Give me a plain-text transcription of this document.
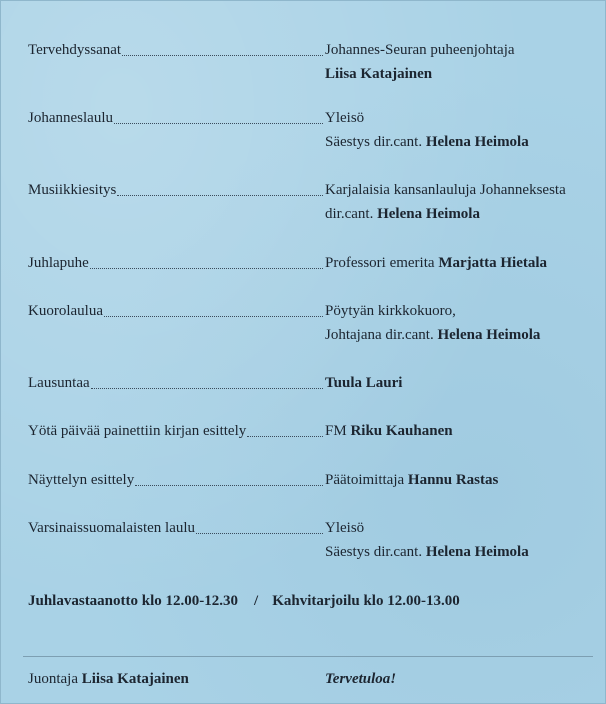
Tervehdyssanat	Johannes-Seuran puheenjohtaja
Liisa Katajainen
Johanneslaulu	Yleisö
Säestys dir.cant. Helena Heimola
Musiikkiesitys	Karjalaisia kansanlauluja Johanneksesta
dir.cant. Helena Heimola
Juhlapuhe	Professori emerita Marjatta Hietala
Kuorolaulua	Pöytyän kirkkokuoro,
Johtajana dir.cant. Helena Heimola
Lausuntaa	Tuula Lauri
Yötä päivää painettiin kirjan esittely	FM Riku Kauhanen
Näyttelyn esittely	Päätoimittaja Hannu Rastas
Varsinaissuomalaisten laulu	Yleisö
Säestys dir.cant. Helena Heimola
Juhlavastaanotto klo 12.00-12.30 / Kahvitarjoilu klo 12.00-13.00
Juontaja Liisa Katajainen	Tervetuloa!
